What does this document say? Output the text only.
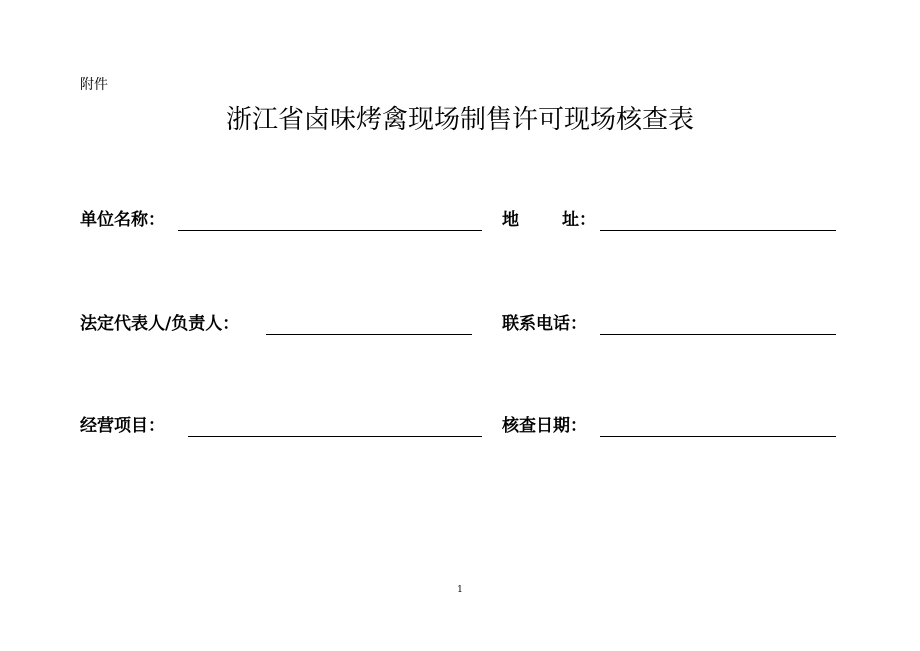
附件
浙江省卤味烤禽现场制售许可现场核查表
单位名称：	地	址：
法定代表人/负责人：	联系电话：
经营项目：	核查日期：
1
